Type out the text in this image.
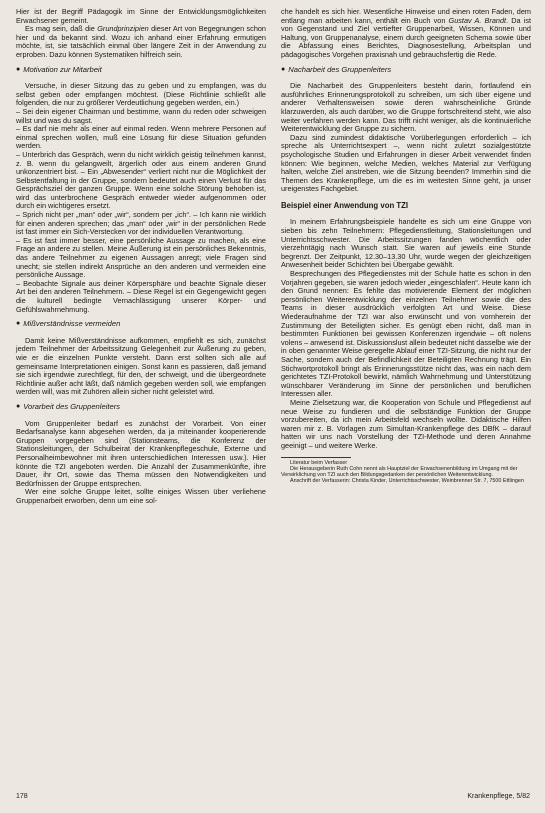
Hier ist der Begriff Pädagogik im Sinne der Entwicklungsmöglichkeiten Erwachsener gemeint.

Es mag sein, daß die Grundprinzipien dieser Art von Begegnungen schon hier und da bekannt sind. Wozu ich anhand einer Erfahrung ermutigen möchte, ist, sie tatsächlich einmal über längere Zeit in der Anwendung zu erproben. Dazu können Systematiken hilfreich sein.

● Motivation zur Mitarbeit

Versuche, in dieser Sitzung das zu geben und zu empfangen, was du selbst geben oder empfangen möchtest. (Diese Richtlinie schließt alle folgenden, die nur zu größerer Verdeutlichung gegeben werden, ein.)

– Sei dein eigener Chairman und bestimme, wann du reden oder schweigen willst und was du sagst.

– Es darf nie mehr als einer auf einmal reden. Wenn mehrere Personen auf einmal sprechen wollen, muß eine Lösung für diese Situation gefunden werden.

– Unterbrich das Gespräch, wenn du nicht wirklich geistig teilnehmen kannst, z. B. wenn du gelangweilt, ärgerlich oder aus einem anderen Grund unkonzentriert bist. – Ein „Abwesender“ verliert nicht nur die Möglichkeit der Selbstentfaltung in der Gruppe, sondern bedeutet auch einen Verlust für das Gesprächsziel der ganzen Gruppe. Wenn eine solche Störung behoben ist, wird das unterbrochene Gespräch entweder wieder aufgenommen oder durch ein wichtigeres ersetzt.

– Sprich nicht per „man“ oder „wir“, sondern per „ich“. – Ich kann nie wirklich für einen anderen sprechen; das „man“ oder „wir“ in der persönlichen Rede ist fast immer ein Sich-Verstecken vor der individuellen Verantwortung.

– Es ist fast immer besser, eine persönliche Aussage zu machen, als eine Frage an andere zu stellen. Meine Äußerung ist ein persönliches Bekenntnis, das andere Teilnehmer zu eigenen Aussagen anregt; viele Fragen sind unecht; sie stellen indirekt Ansprüche an den anderen und vermeiden eine persönliche Aussage.

– Beobachte Signale aus deiner Körpersphäre und beachte Signale dieser Art bei den anderen Teilnehmern. – Diese Regel ist ein Gegengewicht gegen die kulturell bedingte Vernachlässigung unserer Körper- und Gefühlswahrnehmung.

● Mißverständnisse vermeiden

Damit keine Mißverständnisse aufkommen, empfiehlt es sich, zunächst jedem Teilnehmer der Arbeitssitzung Gelegenheit zur Äußerung zu geben, wie er die einzelnen Punkte versteht. Dann erst sollten sich alle auf gemeinsame Interpretationen einigen. Sonst kann es passieren, daß jemand sie sich irgendwie zurechtlegt, für den, der schweigt, und die übergeordnete Richtlinie außer acht läßt, daß nämlich gegeben werden soll, wie empfangen werden will, was mit Zuhören allein sicher nicht geleistet wird.

● Vorarbeit des Gruppenleiters

Vom Gruppenleiter bedarf es zunächst der Vorarbeit. Von einer Bedarfsanalyse kann abgesehen werden, da ja miteinander kooperierende Gruppen vorgegeben sind (Stationsteams, die Konferenz der Stationsleitungen, der Schulbeirat der Krankenpflegeschule, Externe und Personalheimbewohner mit ihren unterschiedlichen Interessen usw.). Hier könnte die TZI angeboten werden. Die Anzahl der Zusammenkünfte, ihre Dauer, ihr Ort, sowie das Thema müssen den Notwendigkeiten und Bedürfnissen der Gruppe entsprechen.

Wer eine solche Gruppe leitet, sollte einiges Wissen über verliehene Gruppenarbeit erworben, denn um eine sol-

che handelt es sich hier. Wesentliche Hinweise und einen roten Faden, dem entlang man arbeiten kann, enthält ein Buch von Gustav A. Brandt. Da ist von Gegenstand und Ziel vertiefter Gruppenarbeit, Wissen, Können und Haltung, von Gruppenanalyse, einem durch geeigneten Schema sowie über die Abfassung eines Berichtes, Diagnosestellung, Arbeitsplan und pädagogisches Vorgehen praxisnah und gebrauchsfertig die Rede.

● Nacharbeit des Gruppenleiters

Die Nacharbeit des Gruppenleiters besteht darin, fortlaufend ein ausführliches Erinnerungsprotokoll zu schreiben, um sich über eigene und anderer Verhaltensweisen sowie deren wahrscheinliche Gründe klarzuwerden, als auch darüber, wo die Gruppe fortschreitend steht, wie also weiter verfahren werden kann. Das trifft nicht weniger, als die kontinuierliche Weiterentwicklung der Gruppe zu sichern.

Dazu sind zumindest didaktische Vorüberlegungen erforderlich – ich spreche als Unterrichtsexpert –, wenn nicht zuletzt sozialgestützte psychologische Studien und Erfahrungen in dieser Arbeit verwendet finden können: Wie beginnen, welche Medien, welches Material zur Verfügung halten, welche Ziel anstreben, wie die Sitzung beenden? Immerhin sind die Themen des Krankenpflege, um die es im weitesten Sinne geht, ja unser ureigenstes Fachgebiet.

Beispiel einer Anwendung von TZI

In meinem Erfahrungsbeispiele handelte es sich um eine Gruppe von sieben bis zehn Teilnehmern: Pflegedienstleitung, Stationsleitungen und Unterrichtsschwester. Die Arbeitssitzungen fanden wöchentlich oder vierzehntägig nach Wunsch statt. Sie waren auf jeweils eine Stunde begrenzt. Der Zeitpunkt, 12.30–13.30 Uhr, wurde wegen der gleichzeitigen Anwesenheit beider Schichten bei Übergabe gewählt.

Besprechungen des Pflegedienstes mit der Schule hatte es schon in den Vorjahren gegeben, sie waren jedoch wieder „eingeschlafen“. Heute kann ich den Grund nennen: Es fehlte das motivierende Element der möglichen persönlichen Weiterentwicklung der einzelnen Teilnehmer sowie die des Teams in dieser ausdrücklich verfolgten Art und Weise. Diese Wiederaufnahme der TZI war also erwünscht und von vornherein der Zustimmung der Beteiligten sicher. Es genügt eben nicht, daß man in bestimmten Funktionen bei gewissen Konferenzen irgendwie – oft nolens volens – anwesend ist. Diskussionslust allein bedeutet nicht dasselbe wie der in oben genannter Weise geregelte Ablauf einer TZI-Sitzung, die nicht nur der Sache, sondern auch der Befindlichkeit der Beteiligten Rechnung trägt. Ein Stichwortprotokoll bringt als Erinnerungsstütze nicht das, was ein nach dem gerichtetes TZI-Protokoll bewirkt, nämlich Wahrnehmung und Unterstützung wünschbarer Veränderung im Sinne der persönlichen und beruflichen Interessen aller.

Meine Zielsetzung war, die Kooperation von Schule und Pflegedienst auf neue Weise zu fundieren und die selbständige Funktion der Gruppe vorzubereiten, da ich mein Arbeitsfeld wechseln wollte. Didaktische Hilfen waren mir z. B. Vorlagen zum Simultan-Krankenpflege des DBfK – darauf hatten wir uns nach Vorstellung der TZI-Methode und deren Annahme geeinigt – und weitere Werke.

Literatur beim Verfasser

Die Herausgeberin Ruth Cohn nennt als Hauptziel der Erwachsenenbildung im Umgang mit der Verwirklichung von TZI auch den Bildungsgedanken der persönlichen Weiterentwicklung.

Anschrift der Verfasserin: Christa Kinder, Unterrichtsschwester, Weinbrenner Str. 7, 7500 Ettlingen

178	Krankenpflege, 5/82
